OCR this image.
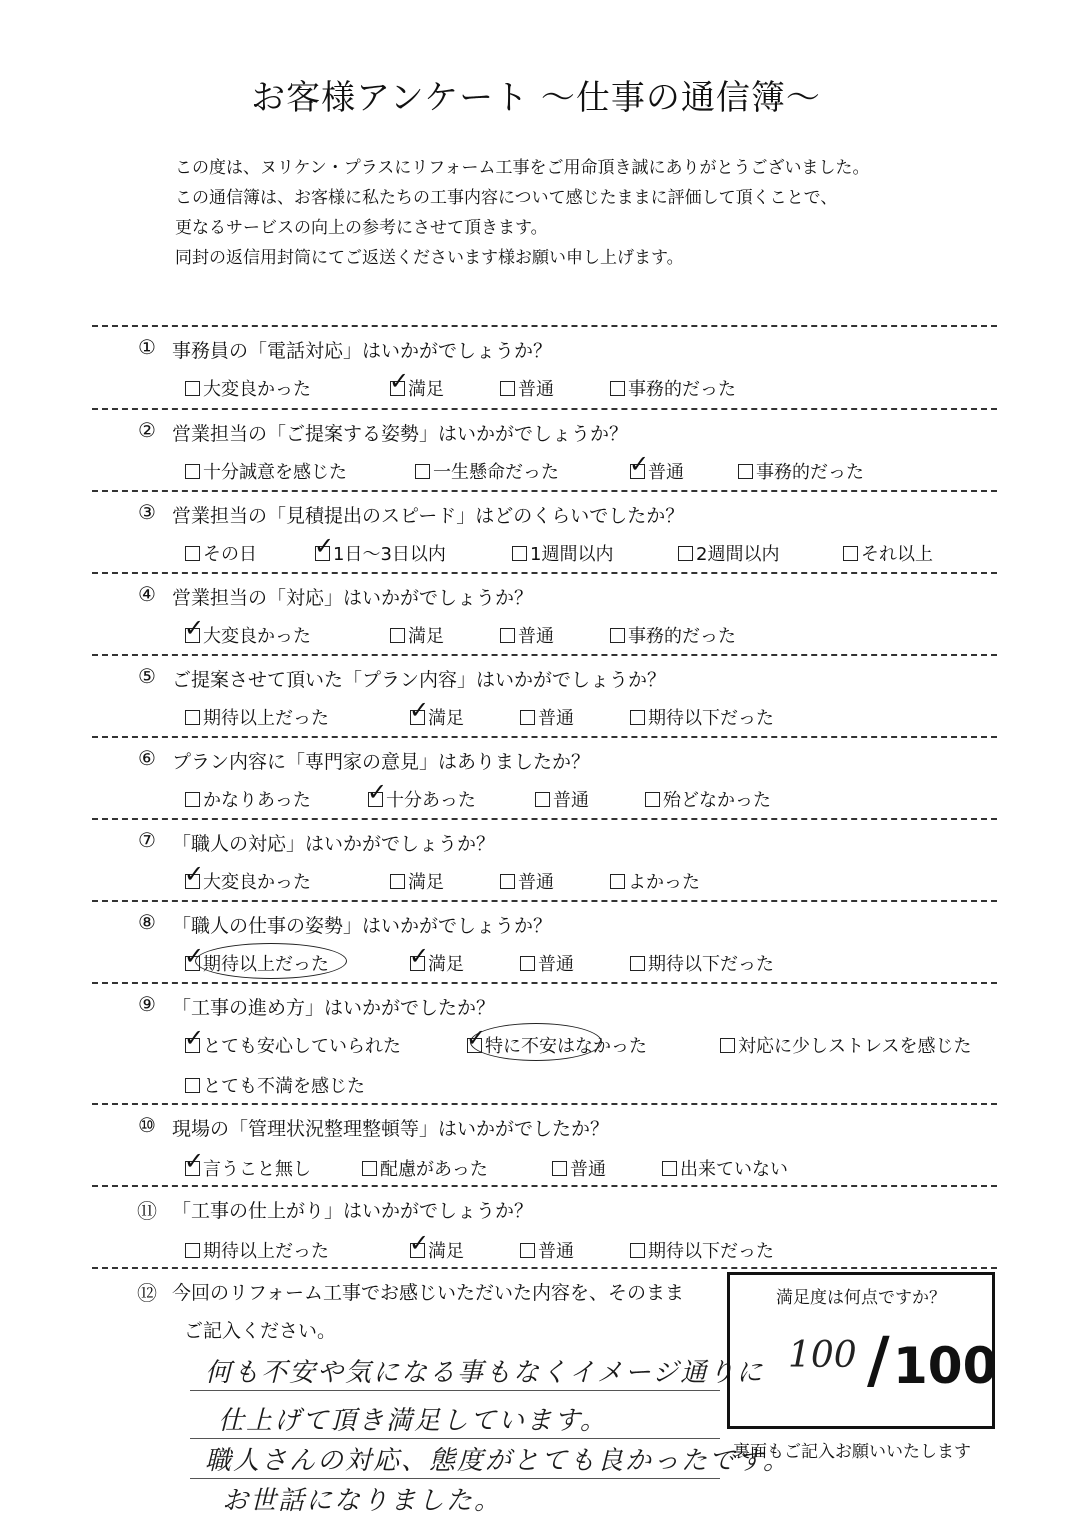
お客様アンケート ～仕事の通信簿～
この度は、ヌリケン・プラスにリフォーム工事をご用命頂き誠にありがとうございました。
この通信簿は、お客様に私たちの工事内容について感じたままに評価して頂くことで、
更なるサービスの向上の参考にさせて頂きます。
同封の返信用封筒にてご返送くださいます様お願い申し上げます。
① 事務員の「電話対応」はいかがでしょうか？
大変良かった	✓
満足	普通	事務的だった
② 営業担当の「ご提案する姿勢」はいかがでしょうか？
十分誠意を感じた	一生懸命だった	✓
普通	事務的だった
③ 営業担当の「見積提出のスピード」はどのくらいでしたか？
その日 ✓
1日～3日以内	1週間以内	2週間以内	それ以上
④ 営業担当の「対応」はいかがでしょうか？
✓
大変良かった	満足	普通	事務的だった
⑤ ご提案させて頂いた「プラン内容」はいかがでしょうか？
期待以上だった	✓
満足	普通	期待以下だった
⑥ プラン内容に「専門家の意見」はありましたか？
かなりあった ✓
十分あった	普通	殆どなかった
⑦ 「職人の対応」はいかがでしょうか？
✓
大変良かった	満足	普通	よかった
⑧ 「職人の仕事の姿勢」はいかがでしょうか？
✓
期待以上だった	✓
満足	普通	期待以下だった
⑨ 「工事の進め方」はいかがでしたか？
✓
とても安心していられた	✓
特に不安はなかった	対応に少しストレスを感じた
とても不満を感じた
⑩ 現場の「管理状況整理整頓等」はいかがでしたか？
✓
言うこと無し	配慮があった	普通	出来ていない
⑪ 「工事の仕上がり」はいかがでしょうか？
期待以上だった	✓
満足	普通	期待以下だった
⑫ 今回のリフォーム工事でお感じいただいた内容を、そのまま
ご記入ください。
何も不安や気になる事もなくイメージ通りに
仕上げて頂き満足しています。
職人さんの対応、態度がとても良かったです。
お世話になりました。
満足度は何点ですか？
100 / 100
裏面もご記入お願いいたします
